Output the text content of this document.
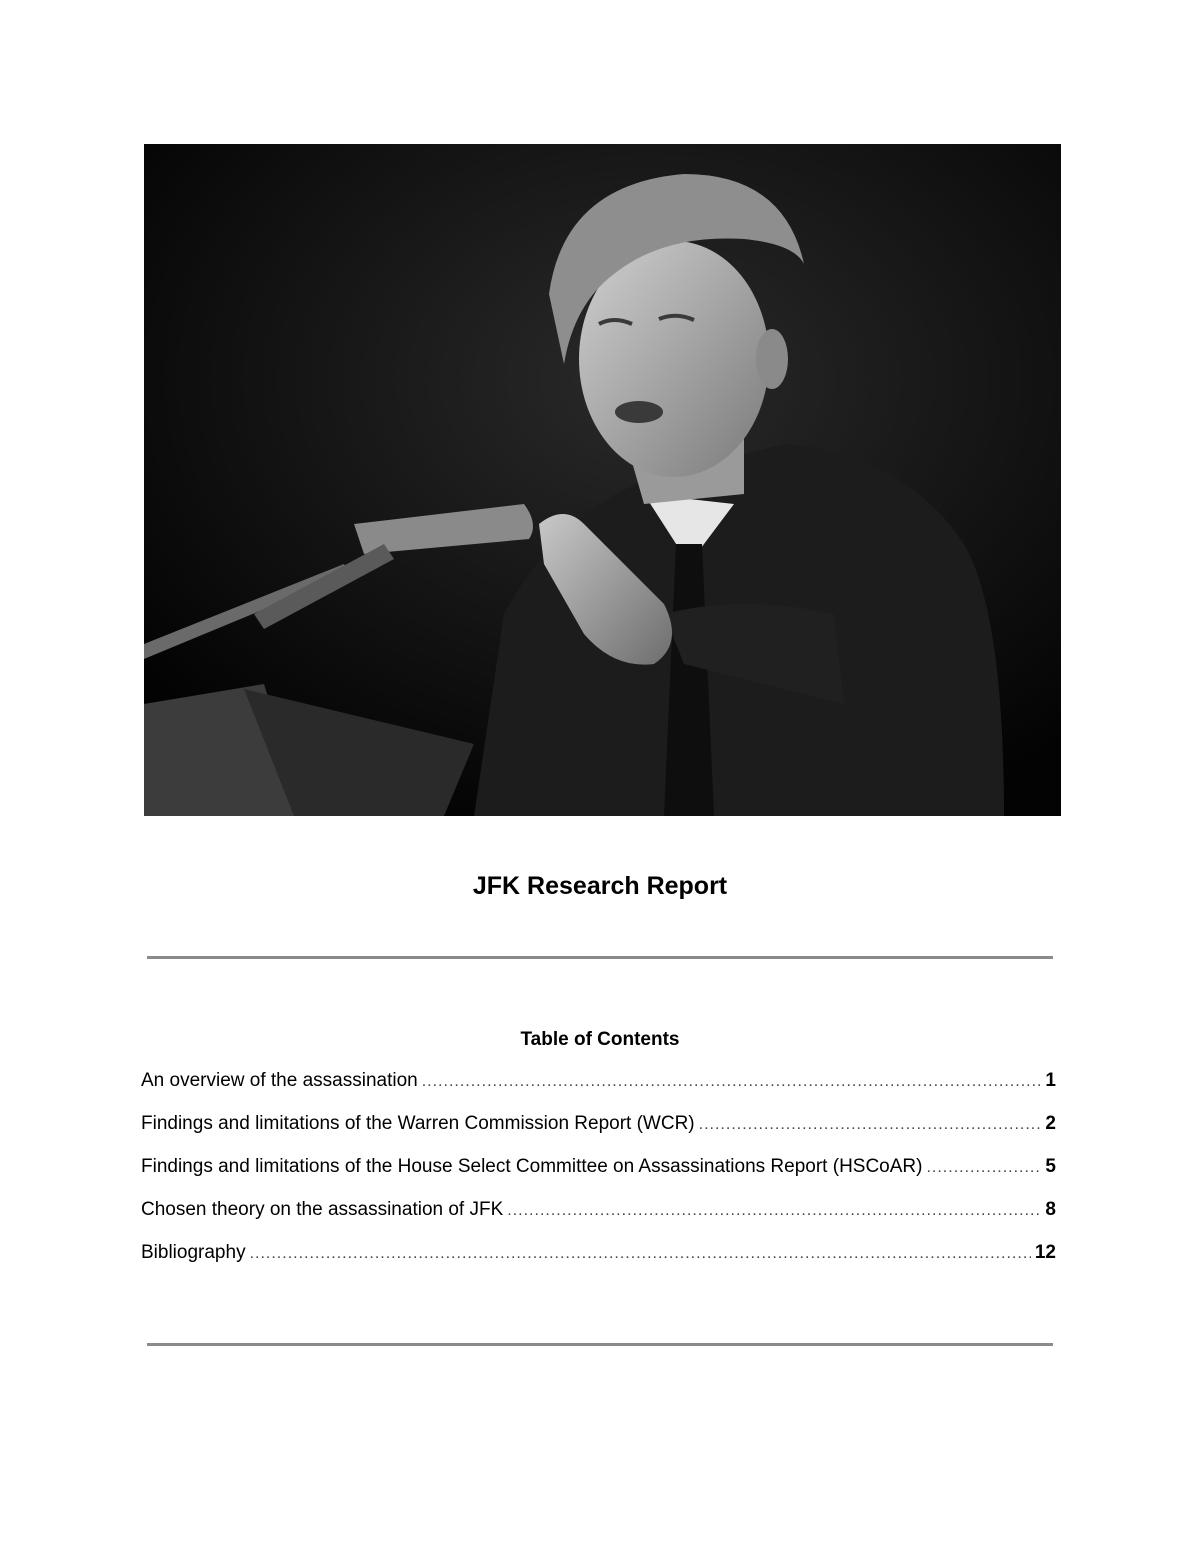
JFK Research Report
Table of Contents
An overview of the assassination .....	1
Findings and limitations of the Warren Commission Report (WCR) .....	2
Findings and limitations of the House Select Committee on Assassinations Report (HSCoAR) .....	5
Chosen theory on the assassination of JFK .....	8
Bibliography .....	12
